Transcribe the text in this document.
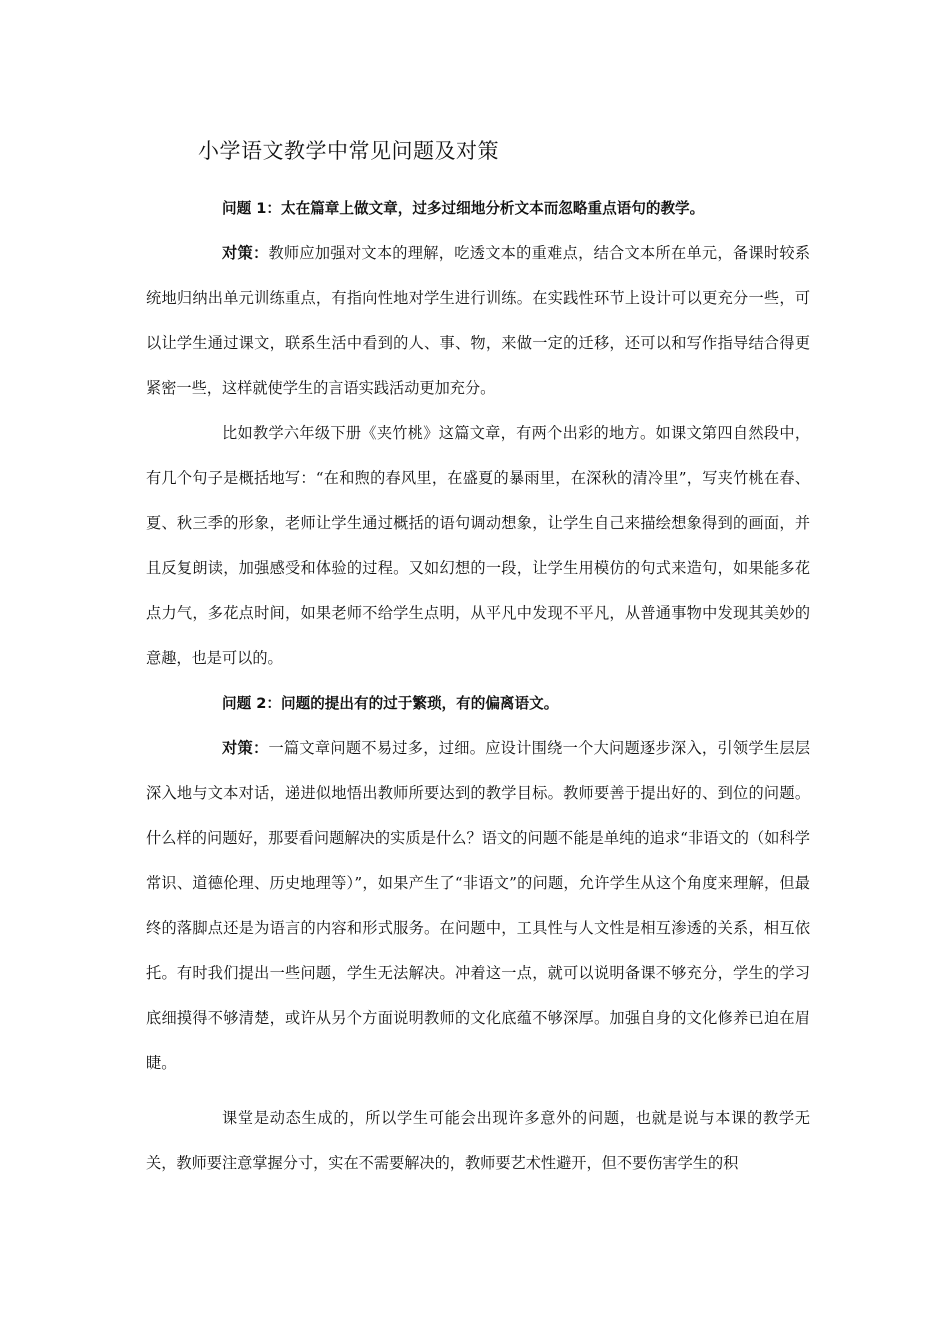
小学语文教学中常见问题及对策

问题 1：太在篇章上做文章，过多过细地分析文本而忽略重点语句的教学。

对策：教师应加强对文本的理解，吃透文本的重难点，结合文本所在单元，备课时较系统地归纳出单元训练重点，有指向性地对学生进行训练。在实践性环节上设计可以更充分一些，可以让学生通过课文，联系生活中看到的人、事、物，来做一定的迁移，还可以和写作指导结合得更紧密一些，这样就使学生的言语实践活动更加充分。

比如教学六年级下册《夹竹桃》这篇文章，有两个出彩的地方。如课文第四自然段中，有几个句子是概括地写：“在和煦的春风里，在盛夏的暴雨里，在深秋的清冷里”，写夹竹桃在春、夏、秋三季的形象，老师让学生通过概括的语句调动想象，让学生自己来描绘想象得到的画面，并且反复朗读，加强感受和体验的过程。又如幻想的一段，让学生用模仿的句式来造句，如果能多花点力气，多花点时间，如果老师不给学生点明，从平凡中发现不平凡，从普通事物中发现其美妙的意趣，也是可以的。

问题 2：问题的提出有的过于繁琐，有的偏离语文。

对策：一篇文章问题不易过多，过细。应设计围绕一个大问题逐步深入，引领学生层层深入地与文本对话，递进似地悟出教师所要达到的教学目标。教师要善于提出好的、到位的问题。什么样的问题好，那要看问题解决的实质是什么？语文的问题不能是单纯的追求“非语文的（如科学常识、道德伦理、历史地理等）”，如果产生了“非语文”的问题，允许学生从这个角度来理解，但最终的落脚点还是为语言的内容和形式服务。在问题中，工具性与人文性是相互渗透的关系，相互依托。有时我们提出一些问题，学生无法解决。冲着这一点，就可以说明备课不够充分，学生的学习底细摸得不够清楚，或许从另个方面说明教师的文化底蕴不够深厚。加强自身的文化修养已迫在眉睫。

课堂是动态生成的，所以学生可能会出现许多意外的问题，也就是说与本课的教学无关，教师要注意掌握分寸，实在不需要解决的，教师要艺术性避开，但不要伤害学生的积
